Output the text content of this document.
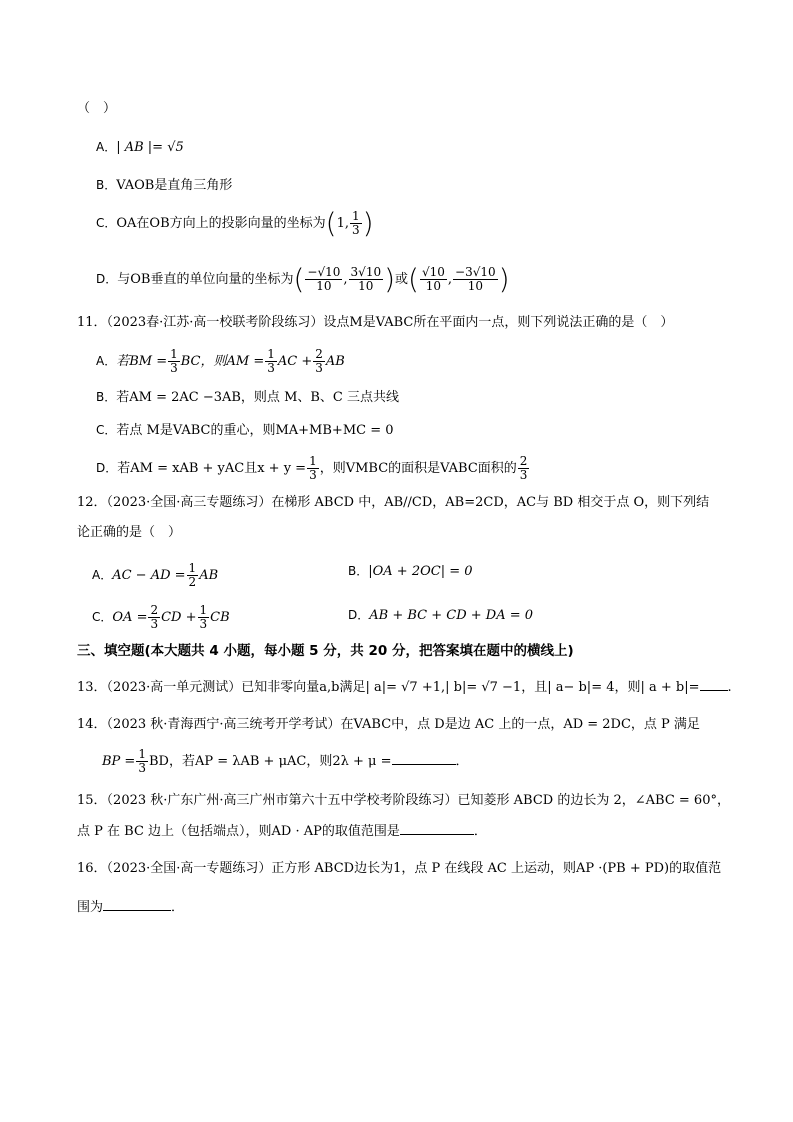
（　）
A．| AB |= √5
B．VAOB是直角三角形
C．OA在OB方向上的投影向量的坐标为(1, $\frac{1}{3}$ )
D．与OB垂直的单位向量的坐标为( $\frac{-√10}{10}$ , $\frac{3√10}{10}$ )或( $\frac{√10}{10}$ , $\frac{-3√10}{10}$ )
11．（2023春·江苏·高一校联考阶段练习）设点M是VABC所在平面内一点，则下列说法正确的是（　）
A．若BM = $\frac{1}{3}$ BC，则AM = $\frac{1}{3}$ AC + $\frac{2}{3}$ AB
B．若AM = 2AC −3AB，则点 M、B、C 三点共线
C．若点 M是VABC的重心，则MA+MB+MC = 0
D．若AM = xAB + yAC且$x + y = \frac{1}{3}$ ，则VMBC的面积是VABC面积的 $\frac{2}{3}$
12．（2023·全国·高三专题练习）在梯形 ABCD 中，AB//CD，AB=2CD，AC与 BD 相交于点 O，则下列结
论正确的是（　）
A．AC − AD = $\frac{1}{2}$ AB	B．|OA + 2OC| = 0
C．OA = $\frac{2}{3}$ CD + $\frac{1}{3}$ CB	D．AB + BC + CD + DA = 0
三、填空题(本大题共 4 小题，每小题 5 分，共 20 分，把答案填在题中的横线上)
13．（2023·高一单元测试）已知非零向量a,b满足| a|= √7 +1,| b|= √7 −1，且| a− b|= 4，则| a + b|= .
14．（2023 秋·青海西宁·高三统考开学考试）在VABC中，点 D是边 AC 上的一点，AD = 2DC，点 P 满足
BP = $\frac{1}{3}$ BD，若AP = λAB + μAC，则2λ + μ =	．
15．（2023 秋·广东广州·高三广州市第六十五中学校考阶段练习）已知菱形 ABCD 的边长为 2，∠ABC = 60°，
点 P 在 BC 边上（包括端点），则AD · AP的取值范围是	．
16．（2023·全国·高一专题练习）正方形 ABCD边长为1，点 P 在线段 AC 上运动，则AP ·(PB + PD)的取值范
围为	．
